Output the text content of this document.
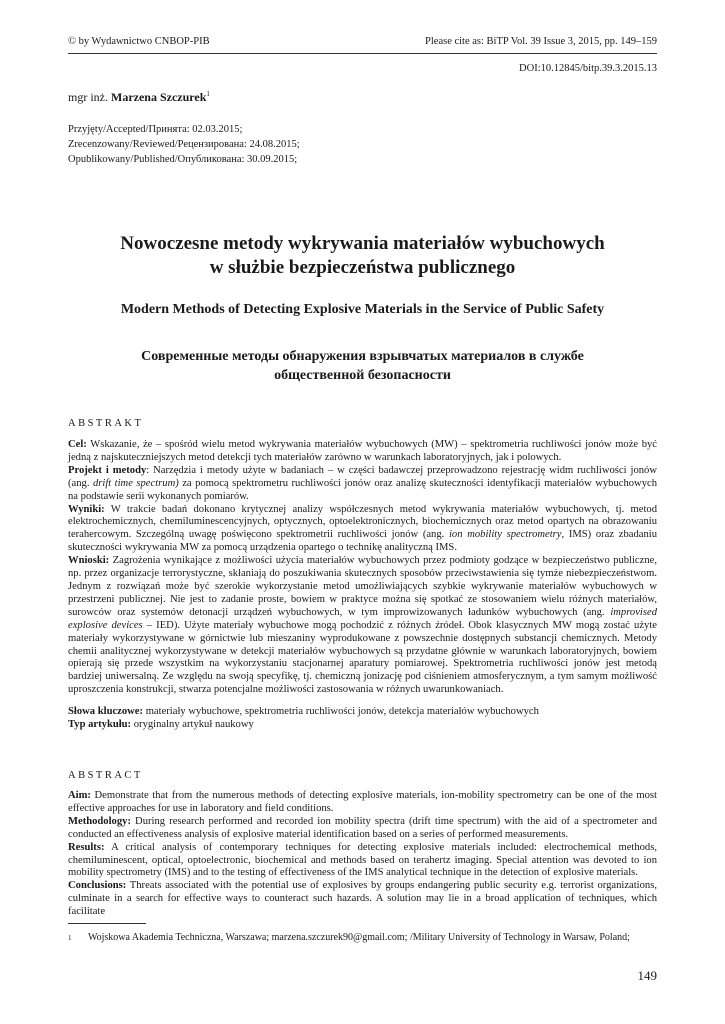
© by Wydawnictwo CNBOP-PIB	Please cite as: BiTP Vol. 39 Issue 3, 2015, pp. 149–159
DOI:10.12845/bitp.39.3.2015.13
mgr inż. Marzena Szczurek$^1$
Przyjęty/Accepted/Принята: 02.03.2015;
Zrecenzowany/Reviewed/Рецензирована: 24.08.2015;
Opublikowany/Published/Опубликована: 30.09.2015;
Nowoczesne metody wykrywania materiałów wybuchowych
w służbie bezpieczeństwa publicznego
Modern Methods of Detecting Explosive Materials in the Service of Public Safety
Современные методы обнаружения взрывчатых материалов в службе
общественной безопасности
ABSTRAKT

Cel: Wskazanie, że – spośród wielu metod wykrywania materiałów wybuchowych (MW) – spektrometria ruchliwości jonów może być jedną z najskuteczniejszych metod detekcji tych materiałów zarówno w warunkach laboratoryjnych, jak i polowych.

Projekt i metody: Narzędzia i metody użyte w badaniach – w części badawczej przeprowadzono rejestrację widm ruchliwości jonów (ang. drift time spectrum) za pomocą spektrometru ruchliwości jonów oraz analizę skuteczności identyfikacji materiałów wybuchowych na podstawie serii wykonanych pomiarów.

Wyniki: W trakcie badań dokonano krytycznej analizy współczesnych metod wykrywania materiałów wybuchowych, tj. metod elektrochemicznych, chemiluminescencyjnych, optycznych, optoelektronicznych, biochemicznych oraz metod opartych na obrazowaniu terahercowym. Szczególną uwagę poświęcono spektrometrii ruchliwości jonów (ang. ion mobility spectrometry, IMS) oraz zbadaniu skuteczności wykrywania MW za pomocą urządzenia opartego o technikę analityczną IMS.

Wnioski: Zagrożenia wynikające z możliwości użycia materiałów wybuchowych przez podmioty godzące w bezpieczeństwo publiczne, np. przez organizacje terrorystyczne, skłaniają do poszukiwania skutecznych sposobów przeciwstawienia się tymże niebezpieczeństwom. Jednym z rozwiązań może być szerokie wykorzystanie metod umożliwiających szybkie wykrywanie materiałów wybuchowych w przestrzeni publicznej. Nie jest to zadanie proste, bowiem w praktyce można się spotkać ze stosowaniem wielu różnych materiałów, surowców oraz systemów detonacji urządzeń wybuchowych, w tym improwizowanych ładunków wybuchowych (ang. improvised explosive devices – IED). Użyte materiały wybuchowe mogą pochodzić z różnych źródeł. Obok klasycznych MW mogą zostać użyte materiały wykorzystywane w górnictwie lub mieszaniny wyprodukowane z powszechnie dostępnych substancji chemicznych. Metody chemii analitycznej wykorzystywane w detekcji materiałów wybuchowych są przydatne głównie w warunkach laboratoryjnych, bowiem opierają się przede wszystkim na wykorzystaniu stacjonarnej aparatury pomiarowej. Spektrometria ruchliwości jonów jest metodą bardziej uniwersalną. Ze względu na swoją specyfikę, tj. chemiczną jonizację pod ciśnieniem atmosferycznym, a tym samym możliwość uproszczenia konstrukcji, stwarza potencjalne możliwości zastosowania w różnych uwarunkowaniach.

Słowa kluczowe: materiały wybuchowe, spektrometria ruchliwości jonów, detekcja materiałów wybuchowych

Typ artykułu: oryginalny artykuł naukowy

ABSTRACT

Aim: Demonstrate that from the numerous methods of detecting explosive materials, ion-mobility spectrometry can be one of the most effective approaches for use in laboratory and field conditions.

Methodology: During research performed and recorded ion mobility spectra (drift time spectrum) with the aid of a spectrometer and conducted an effectiveness analysis of explosive material identification based on a series of performed measurements.

Results: A critical analysis of contemporary techniques for detecting explosive materials included: electrochemical methods, chemiluminescent, optical, optoelectronic, biochemical and methods based on terahertz imaging. Special attention was devoted to ion mobility spectrometry (IMS) and to the testing of effectiveness of the IMS analytical technique in the detection of explosive materials.

Conclusions: Threats associated with the potential use of explosives by groups endangering public security e.g. terrorist organizations, culminate in a search for effective ways to counteract such hazards. A solution may lie in a broad application of techniques, which facilitate

1	Wojskowa Akademia Techniczna, Warszawa; marzena.szczurek90@gmail.com; /Military University of Technology in Warsaw, Poland;
149
